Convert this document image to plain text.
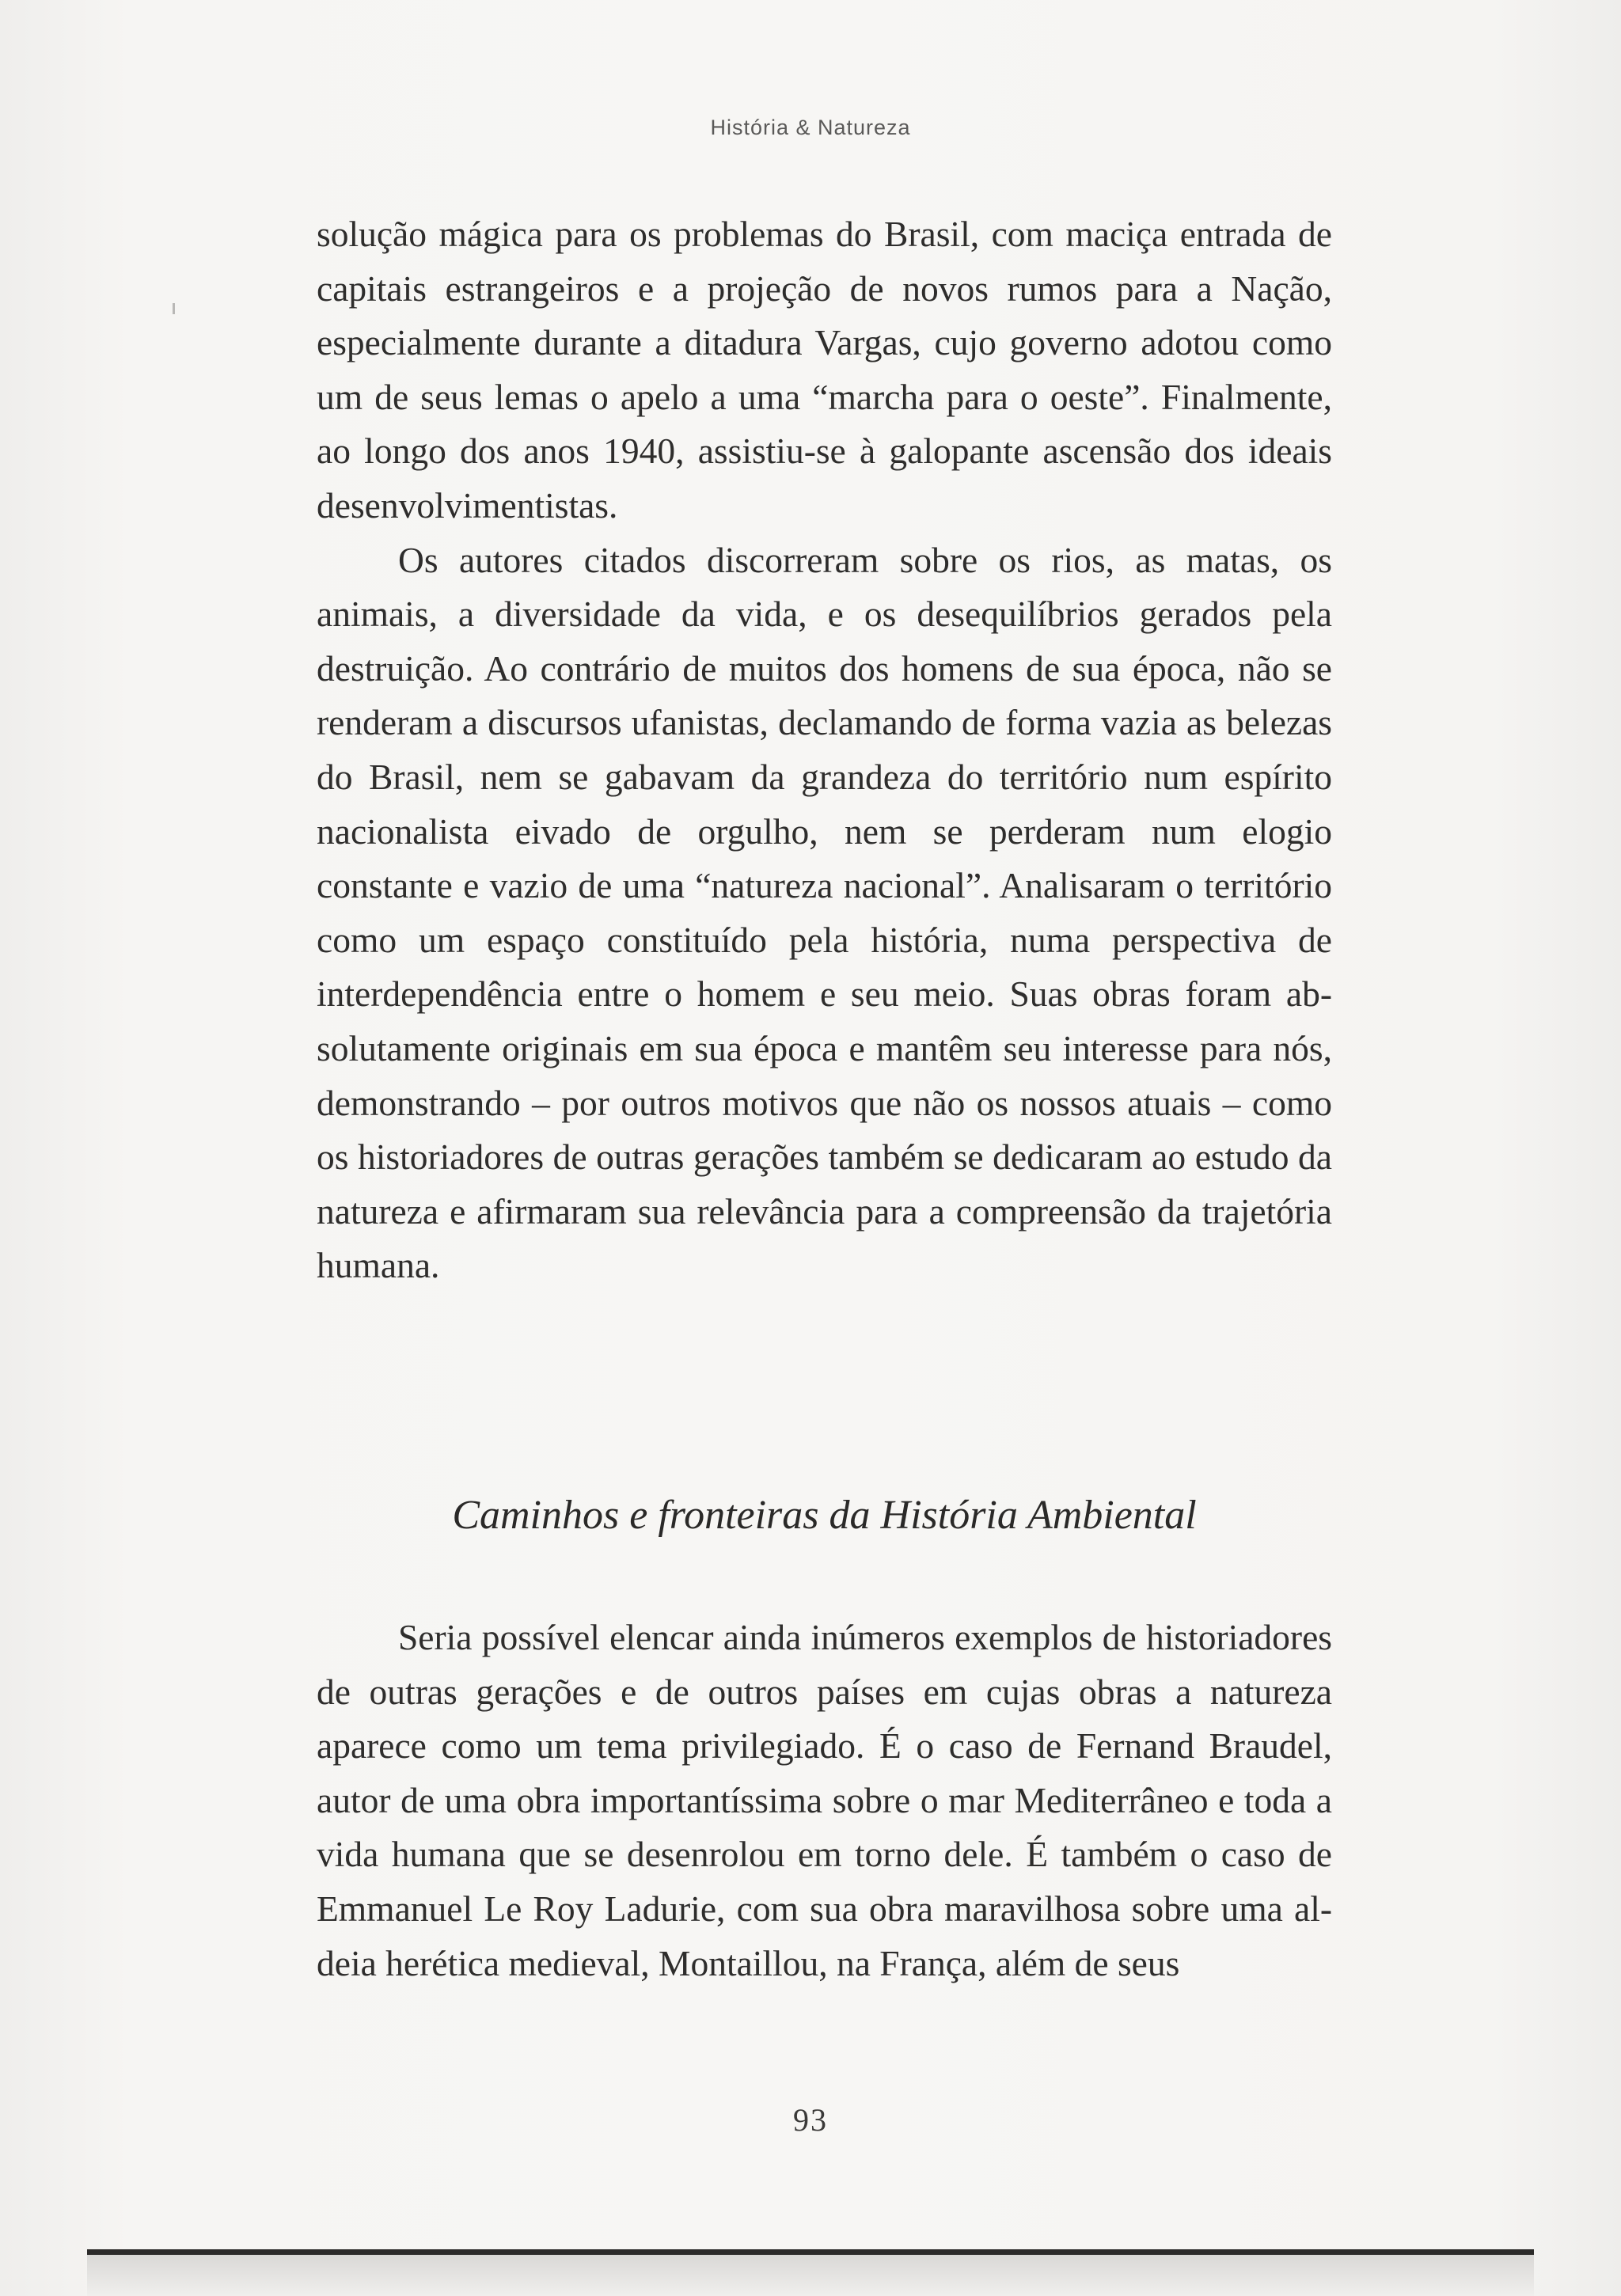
História & Natureza

solução mágica para os problemas do Brasil, com maciça entrada de capitais estrangeiros e a projeção de novos rumos para a Nação, especialmente durante a ditadura Vargas, cujo governo adotou como um de seus lemas o apelo a uma “marcha para o oeste”. Finalmente, ao longo dos anos 1940, assistiu-se à galopante ascensão dos ideais desenvolvimentistas.

Os autores citados discorreram sobre os rios, as matas, os animais, a diversidade da vida, e os desequilíbrios gerados pela destruição. Ao contrário de muitos dos homens de sua época, não se renderam a discursos ufanistas, declamando de forma vazia as belezas do Brasil, nem se gabavam da grandeza do território num espírito nacionalista eivado de orgulho, nem se perderam num elogio constante e vazio de uma “natureza nacional”. Analisaram o território como um espaço constituído pela história, numa perspectiva de interdependência entre o homem e seu meio. Suas obras foram absolutamente originais em sua época e mantêm seu interesse para nós, demonstrando – por outros motivos que não os nossos atuais – como os historiadores de outras gerações também se dedicaram ao estudo da natureza e afirmaram sua relevância para a compreensão da trajetória humana.

Caminhos e fronteiras da História Ambiental

Seria possível elencar ainda inúmeros exemplos de historiadores de outras gerações e de outros países em cujas obras a natureza aparece como um tema privilegiado. É o caso de Fernand Braudel, autor de uma obra importantíssima sobre o mar Mediterrâneo e toda a vida humana que se desenrolou em torno dele. É também o caso de Emmanuel Le Roy Ladurie, com sua obra maravilhosa sobre uma aldeia herética medieval, Montaillou, na França, além de seus

93
